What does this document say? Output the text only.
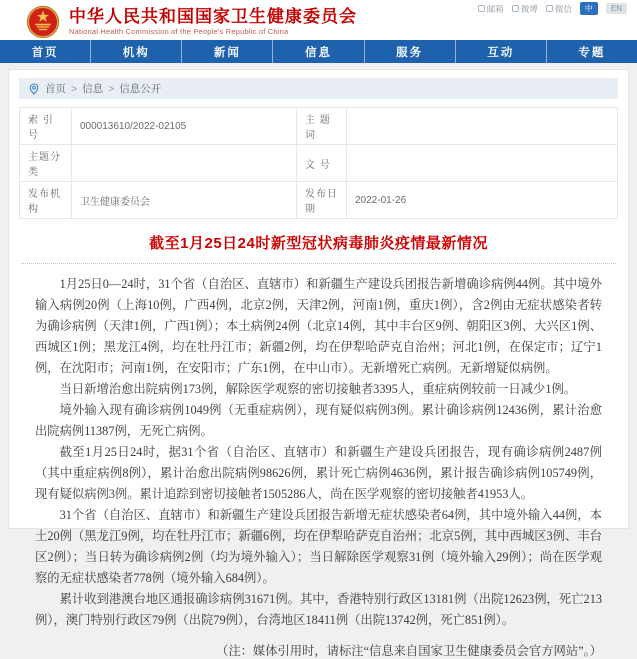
中华人民共和国国家卫生健康委员会
National Health Commission of the People's Republic of China
邮箱 微博 微信	中	EN
首页	机构	新闻	信息	服务	互动	专题
首页 > 信息 > 信息公开
索 引 号	000013610/2022-02105	主 题 词	
主题分类		文 号	
发布机构	卫生健康委员会	发布日期	2022-01-26
截至1月25日24时新型冠状病毒肺炎疫情最新情况

1月25日0—24时，31个省（自治区、直辖市）和新疆生产建设兵团报告新增确诊病例44例。其中境外输入病例20例（上海10例，广西4例，北京2例，天津2例，河南1例，重庆1例），含2例由无症状感染者转为确诊病例（天津1例，广西1例）；本土病例24例（北京14例，其中丰台区9例、朝阳区3例、大兴区1例、西城区1例；黑龙江4例，均在牡丹江市；新疆2例，均在伊犁哈萨克自治州；河北1例，在保定市；辽宁1例，在沈阳市；河南1例，在安阳市；广东1例，在中山市）。无新增死亡病例。无新增疑似病例。

当日新增治愈出院病例173例，解除医学观察的密切接触者3395人，重症病例较前一日减少1例。

境外输入现有确诊病例1049例（无重症病例），现有疑似病例3例。累计确诊病例12436例，累计治愈出院病例11387例，无死亡病例。

截至1月25日24时，据31个省（自治区、直辖市）和新疆生产建设兵团报告，现有确诊病例2487例（其中重症病例8例），累计治愈出院病例98626例，累计死亡病例4636例，累计报告确诊病例105749例，现有疑似病例3例。累计追踪到密切接触者1505286人，尚在医学观察的密切接触者41953人。

31个省（自治区、直辖市）和新疆生产建设兵团报告新增无症状感染者64例，其中境外输入44例，本土20例（黑龙江9例，均在牡丹江市；新疆6例，均在伊犁哈萨克自治州；北京5例，其中西城区3例、丰台区2例）；当日转为确诊病例2例（均为境外输入）；当日解除医学观察31例（境外输入29例）；尚在医学观察的无症状感染者778例（境外输入684例）。

累计收到港澳台地区通报确诊病例31671例。其中，香港特别行政区13181例（出院12623例，死亡213例），澳门特别行政区79例（出院79例），台湾地区18411例（出院13742例，死亡851例）。

（注：媒体引用时，请标注“信息来自国家卫生健康委员会官方网站”。）
